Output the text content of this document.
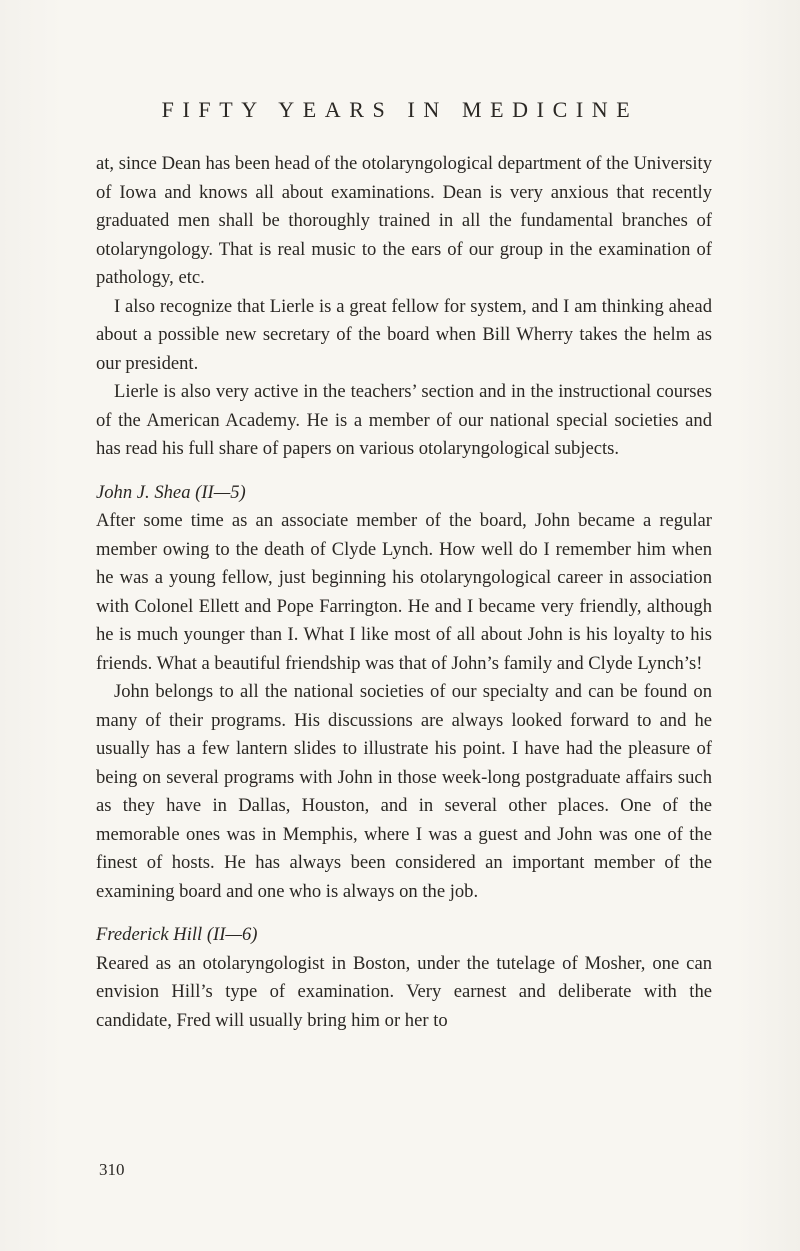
FIFTY YEARS IN MEDICINE

at, since Dean has been head of the otolaryngological department of the University of Iowa and knows all about examinations. Dean is very anxious that recently graduated men shall be thoroughly trained in all the fundamental branches of otolaryngology. That is real music to the ears of our group in the examination of pathology, etc.

I also recognize that Lierle is a great fellow for system, and I am thinking ahead about a possible new secretary of the board when Bill Wherry takes the helm as our president.

Lierle is also very active in the teachers’ section and in the instructional courses of the American Academy. He is a member of our national special societies and has read his full share of papers on various otolaryngological subjects.

John J. Shea (II—5)

After some time as an associate member of the board, John became a regular member owing to the death of Clyde Lynch. How well do I remember him when he was a young fellow, just beginning his otolaryngological career in association with Colonel Ellett and Pope Farrington. He and I became very friendly, although he is much younger than I. What I like most of all about John is his loyalty to his friends. What a beautiful friendship was that of John’s family and Clyde Lynch’s!

John belongs to all the national societies of our specialty and can be found on many of their programs. His discussions are always looked forward to and he usually has a few lantern slides to illustrate his point. I have had the pleasure of being on several programs with John in those week-long postgraduate affairs such as they have in Dallas, Houston, and in several other places. One of the memorable ones was in Memphis, where I was a guest and John was one of the finest of hosts. He has always been considered an important member of the examining board and one who is always on the job.

Frederick Hill (II—6)

Reared as an otolaryngologist in Boston, under the tutelage of Mosher, one can envision Hill’s type of examination. Very earnest and deliberate with the candidate, Fred will usually bring him or her to

310
